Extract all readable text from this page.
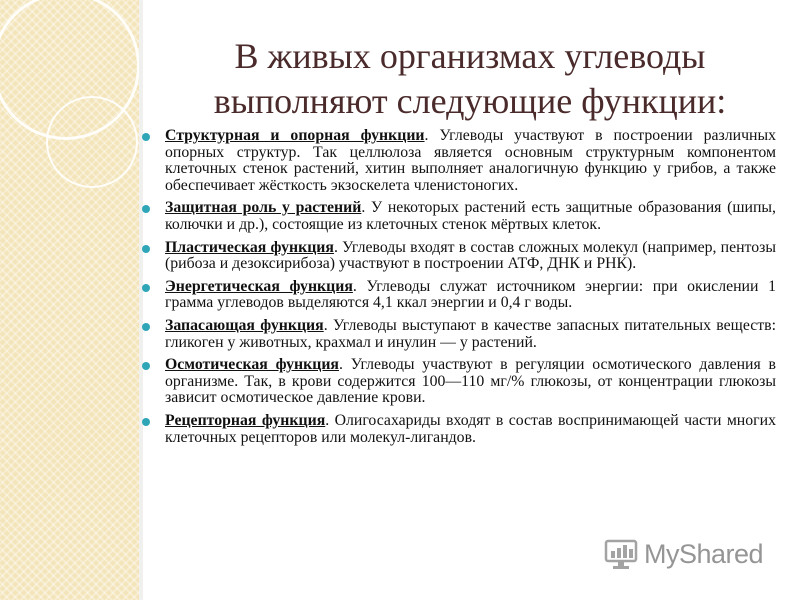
В живых организмах углеводы выполняют следующие функции:
Структурная и опорная функции. Углеводы участвуют в построении различных опорных структур. Так целлюлоза является основным структурным компонентом клеточных стенок растений, хитин выполняет аналогичную функцию у грибов, а также обеспечивает жёсткость экзоскелета членистоногих.
Защитная роль у растений. У некоторых растений есть защитные образования (шипы, колючки и др.), состоящие из клеточных стенок мёртвых клеток.
Пластическая функция. Углеводы входят в состав сложных молекул (например, пентозы (рибоза и дезоксирибоза) участвуют в построении АТФ, ДНК и РНК).
Энергетическая функция. Углеводы служат источником энергии: при окислении 1 грамма углеводов выделяются 4,1 ккал энергии и 0,4 г воды.
Запасающая функция. Углеводы выступают в качестве запасных питательных веществ: гликоген у животных, крахмал и инулин — у растений.
Осмотическая функция. Углеводы участвуют в регуляции осмотического давления в организме. Так, в крови содержится 100—110 мг/% глюкозы, от концентрации глюкозы зависит осмотическое давление крови.
Рецепторная функция. Олигосахариды входят в состав воспринимающей части многих клеточных рецепторов или молекул-лигандов.
MyShared
